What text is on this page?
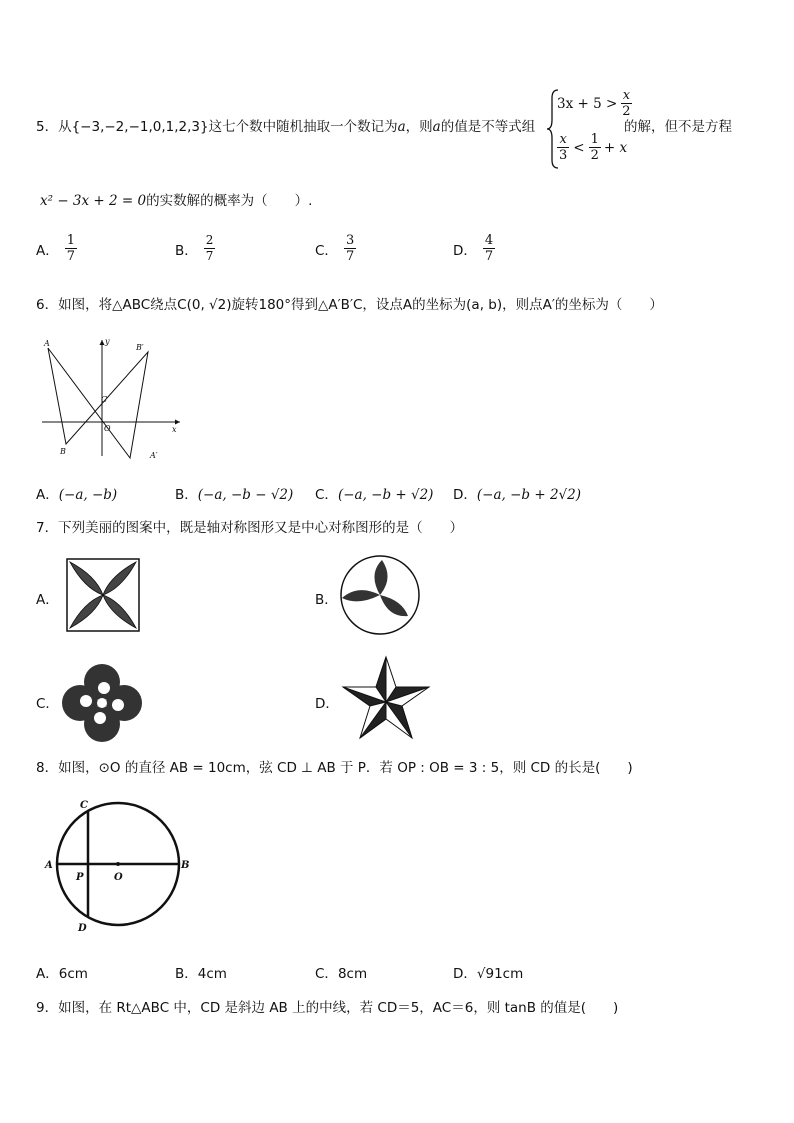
5．从{−3,−2,−1,0,1,2,3}这七个数中随机抽取一个数记为a，则a的值是不等式组
$3x + 5 > \frac{x}{2}$
$\frac{x}{3} < \frac{1}{2} + x$
的解，但不是方程
x² − 3x + 2 = 0的实数解的概率为（　　）.
A． $\frac{1}{7}$	B． $\frac{2}{7}$	C． $\frac{3}{7}$	D． $\frac{4}{7}$
6．如图，将△ABC绕点C(0, √2)旋转180°得到△A′B′C，设点A的坐标为(a, b)，则点A′的坐标为（　　）
A
B
C
O	x
y
A′
B′
A．(−a, −b)	B．(−a, −b − √2) C．(−a, −b + √2) D．(−a, −b + 2√2)
7．下列美丽的图案中，既是轴对称图形又是中心对称图形的是（　　）
A．	B．
C．	D．
8．如图，⊙O 的直径 AB = 10cm，弦 CD ⊥ AB 于 P．若 OP : OB = 3 : 5，则 CD 的长是(　　)
C
A	B
O
P
D
A．6cm	B．4cm	C．8cm	D．√91cm
9．如图，在 Rt△ABC 中，CD 是斜边 AB 上的中线，若 CD＝5，AC＝6，则 tanB 的值是(　　)
